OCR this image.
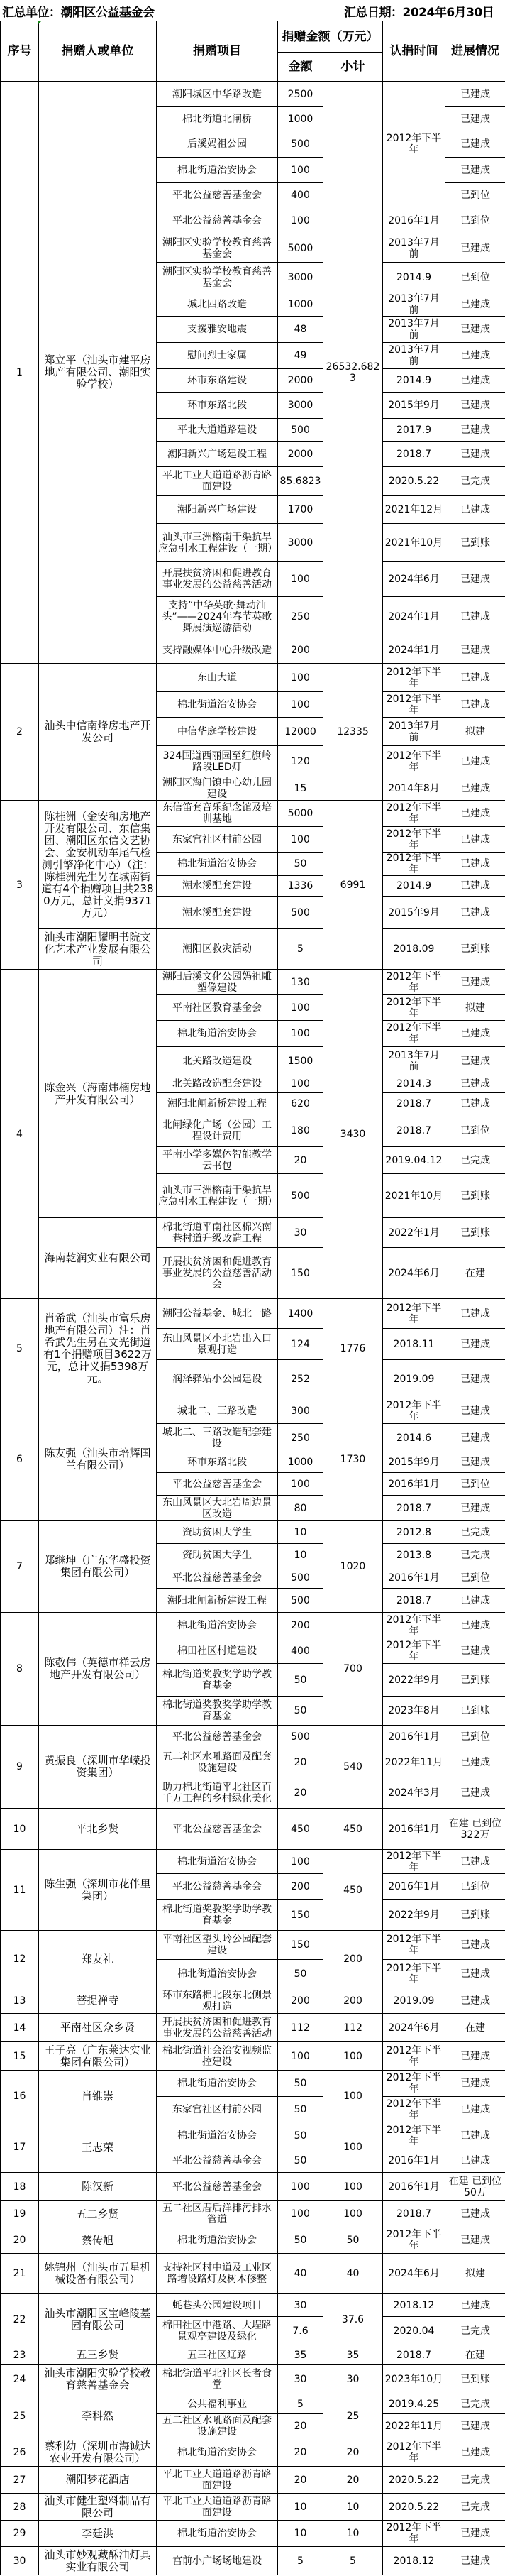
汇总单位：潮阳区公益基金会	汇总日期：2024年6月30日
序号	捐赠人或单位	捐赠项目	捐赠金额（万元）		认捐时间	进展情况
			金额	小计		
1	郑立平（汕头市建平房地产有限公司、潮阳实验学校）	潮阳城区中华路改造	2500	26532.6823	2012年下半年	已建成
		棉北街道北闸桥	1000			已建成
		后溪妈祖公园	500			已建成
		棉北街道治安协会	100			已建成
		平北公益慈善基金会	400			已到位
		平北公益慈善基金会	100		2016年1月	已到位
		潮阳区实验学校教育慈善基金会	5000		2013年7月前	已建成
		潮阳区实验学校教育慈善基金会	3000		2014.9	已到位
		城北四路改造	1000		2013年7月前	已建成
		支援雅安地震	48		2013年7月前	已建成
		慰问烈士家属	49		2013年7月前	已建成
		环市东路建设	2000		2014.9	已建成
		环市东路北段	3000		2015年9月	已建成
		平北大道道路建设	500		2017.9	已建成
		潮阳新兴广场建设工程	2000		2018.7	已建成
		平北工业大道道路沥青路面建设	85.6823		2020.5.22	已完成
		潮阳新兴广场建设	1700		2021年12月	已建成
		汕头市三洲榕南干渠抗旱应急引水工程建设（一期）	3000		2021年10月	已到账
		开展扶贫济困和促进教育事业发展的公益慈善活动	100		2024年6月	已建成
		支持“中华英歌·舞动汕头”——2024年春节英歌舞展演巡游活动	250		2024年1月	已建成
		支持融媒体中心升级改造	200		2024年1月	已建成
2	汕头中信南烽房地产开发公司	东山大道	100	12335	2012年下半年	已建成
		棉北街道治安协会	100		2012年下半年	已建成
		中信华庭学校建设	12000		2013年7月前	拟建
		324国道西丽园至红旗岭路段LED灯	120		2012年下半年	已建成
		潮阳区海门镇中心幼儿园建设	15		2014年8月	已建成
3	陈桂洲（金安和房地产开发有限公司、东信集团、潮阳区东信文艺协会、金安机动车尾气检测引擎净化中心）（注：陈桂洲先生另在城南街道有4个捐赠项目共2380万元，总计义捐9371万元）	东信笛套音乐纪念馆及培训基地	5000	6991	2012年下半年	已建成
		东家宫社区村前公园	100		2012年下半年	已建成
		棉北街道治安协会	50		2012年下半年	已建成
		潮水溪配套建设	1336		2014.9	已建成
		潮水溪配套建设	500		2015年9月	已建成
	汕头市潮阳耀明书院文化艺术产业发展有限公司	潮阳区救灾活动	5		2018.09	已到账
4	陈金兴（海南炜楠房地产开发有限公司）	潮阳后溪文化公园妈祖雕塑像建设	130	3430	2012年下半年	已建成
		平南社区教育基金会	100		2012年下半年	拟建
		棉北街道治安协会	100		2012年下半年	已建成
		北关路改造建设	1500		2013年7月前	已建成
		北关路改造配套建设	100		2014.3	已建成
		潮阳北闸新桥建设工程	620		2018.7	已建成
		北闸绿化广场（公园）工程设计费用	180		2018.7	已到位
		平南小学多媒体智能教学云书包	20		2019.04.12	已完成
		汕头市三洲榕南干渠抗旱应急引水工程建设（一期）	500		2021年10月	已到账
	海南乾润实业有限公司	棉北街道平南社区棉兴南巷村道升级改造工程	30		2022年1月	已到账
		开展扶贫济困和促进教育事业发展的公益慈善活动会	150		2024年6月	在建
5	肖希武（汕头市富乐房地产有限公司）注：肖希武先生另在文光街道有1个捐赠项目3622万元，总计义捐5398万元。	潮阳公益基金、城北一路	1400	1776	2012年下半年	已建成
		东山风景区小北岩出入口景观打造	124		2018.11	已建成
		润泽驿站小公园建设	252		2019.09	已建成
6	陈友强（汕头市培辉国兰有限公司）	城北二、三路改造	300	1730	2012年下半年	已建成
		城北二、三路改造配套建设	250		2014.6	已建成
		环市东路北段	1000		2015年9月	已建成
		平北公益慈善基金会	100		2016年1月	已到位
		东山风景区大北岩周边景区改造	80		2018.7	已建成
7	郑继坤（广东华盛投资集团有限公司）	资助贫困大学生	10	1020	2012.8	已完成
		资助贫困大学生	10		2013.8	已完成
		平北公益慈善基金会	500		2016年1月	已到位
		潮阳北闸新桥建设工程	500		2018.7	已建成
8	陈敬伟（英德市祥云房地产开发有限公司）	棉北街道治安协会	200	700	2012年下半年	已建成
		棉田社区村道建设	400		2012年下半年	已建成
		棉北街道奖教奖学助学教育基金	50		2022年9月	已到账
		棉北街道奖教奖学助学教育基金	50		2023年8月	已到账
9	黄振良（深圳市华嵘投资集团）	平北公益慈善基金会	500	540	2016年1月	已到位
		五二社区水吼路面及配套设施建设	20		2022年11月	已建成
		助力棉北街道平北社区百千万工程的乡村绿化美化	20		2024年3月	已建成
10	平北乡贤	平北公益慈善基金会	450	450	2016年1月	在建 已到位322万
11	陈生强（深圳市花伴里集团）	棉北街道治安协会	100	450	2012年下半年	已建成
		平北公益慈善基金会	200		2016年1月	已到位
		棉北街道奖教奖学助学教育基金	150		2022年9月	已到账
12	郑友礼	平南社区望头岭公园配套建设	150	200	2012年下半年	已建成
		棉北街道治安协会	50		2012年下半年	已建成
13	菩提禅寺	环市东路棉北段东北侧景观打造	200	200	2019.09	已建成
14	平南社区众乡贤	开展扶贫济困和促进教育事业发展的公益慈善活动	112	112	2024年6月	在建
15	王子亮（广东莱达实业集团有限公司）	棉北街道社会治安视频监控建设	100	100	2012年下半年	已建成
16	肖锥崇	棉北街道治安协会	50	100	2012年下半年	已建成
		东家宫社区村前公园	50		2012年下半年	已建成
17	王志荣	棉北街道治安协会	50	100	2012年下半年	已建成
		平北公益慈善基金会	50		2016年1月	已建成
18	陈汉新	平北公益慈善基金会	100	100	2016年1月	在建 已到位50万
19	五二乡贤	五二社区厝后洋排污排水管道	100	100	2018.7	已建成
20	蔡传旭	棉北街道治安协会	50	50	2012年下半年	已建成
21	姚锦州（汕头市五星机械设备有限公司）	支持社区村中道及工业区路增设路灯及树木修整	40	40	2024年6月	拟建
22	汕头市潮阳区宝峰陵墓园有限公司	蚝巷头公园建设项目	30	37.6	2018.12	已建成
		棉田社区中港路、大埕路景观亭建设及绿化	7.6		2020.04	已完成
23	五三乡贤	五三社区辽路	35	35	2018.7	在建
24	汕头市潮阳实验学校教育慈善基金会	棉北街道平北社区长者食堂	30	30	2023年10月	已到账
25	李科然	公共福利事业	5	25	2019.4.25	已完成
		五二社区水吼路面及配套设施建设	20		2022年11月	已建成
26	蔡利幼（深圳市海诚达农业开发有限公司）	棉北街道治安协会	20	20	2012年下半年	已建成
27	潮阳梦花酒店	平北工业大道道路沥青路面建设	20	20	2020.5.22	已完成
28	汕头市健生塑料制品有限公司	平北工业大道道路沥青路面建设	10	10	2020.5.22	已完成
29	李廷洪	棉北街道治安协会	10	10	2012年下半年	已建成
30	汕头市妙观藏酥油灯具实业有限公司	宫前小广场场地建设	5	5	2018.12	已建成
